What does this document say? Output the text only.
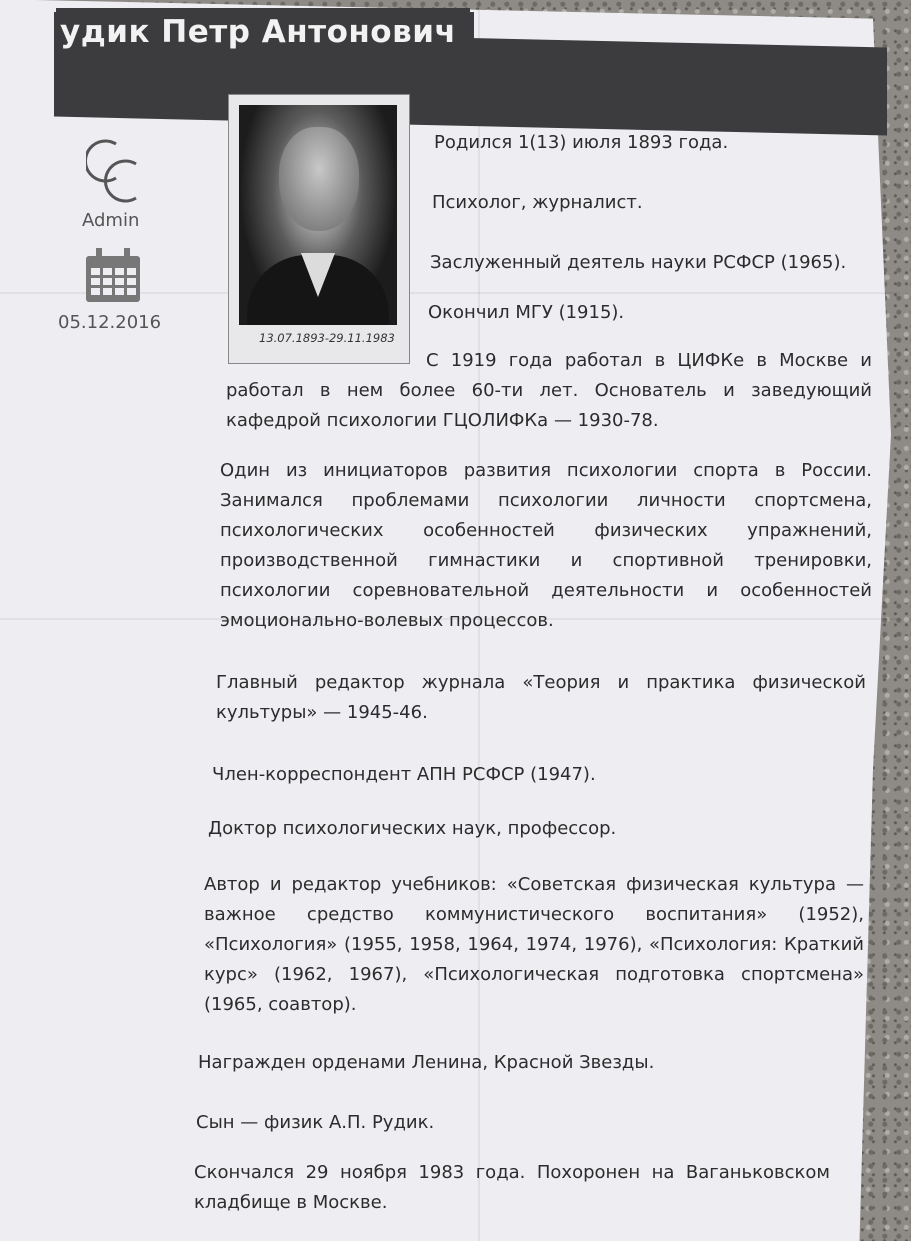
удик Петр Антонович
Admin
05.12.2016
13.07.1893-29.11.1983

Родился 1(13) июля 1893 года.

Психолог, журналист.

Заслуженный деятель науки РСФСР (1965).

Окончил МГУ (1915).

С 1919 года работал в ЦИФКе в Москве и работал в нем более 60-ти лет. Основатель и заведующий кафедрой психологии ГЦОЛИФКа — 1930-78.

Один из инициаторов развития психологии спорта в России. Занимался проблемами психологии личности спортсмена, психологических особенностей физических упражнений, производственной гимнастики и спортивной тренировки, психологии соревновательной деятельности и особенностей эмоционально-волевых процессов.

Главный редактор журнала «Теория и практика физической культуры» — 1945-46.

Член-корреспондент АПН РСФСР (1947).

Доктор психологических наук, профессор.

Автор и редактор учебников: «Советская физическая культура — важное средство коммунистического воспитания» (1952), «Психология» (1955, 1958, 1964, 1974, 1976), «Психология: Краткий курс» (1962, 1967), «Психологическая подготовка спортсмена» (1965, соавтор).

Награжден орденами Ленина, Красной Звезды.

Сын — физик А.П. Рудик.

Скончался 29 ноября 1983 года. Похоронен на Ваганьковском кладбище в Москве.
